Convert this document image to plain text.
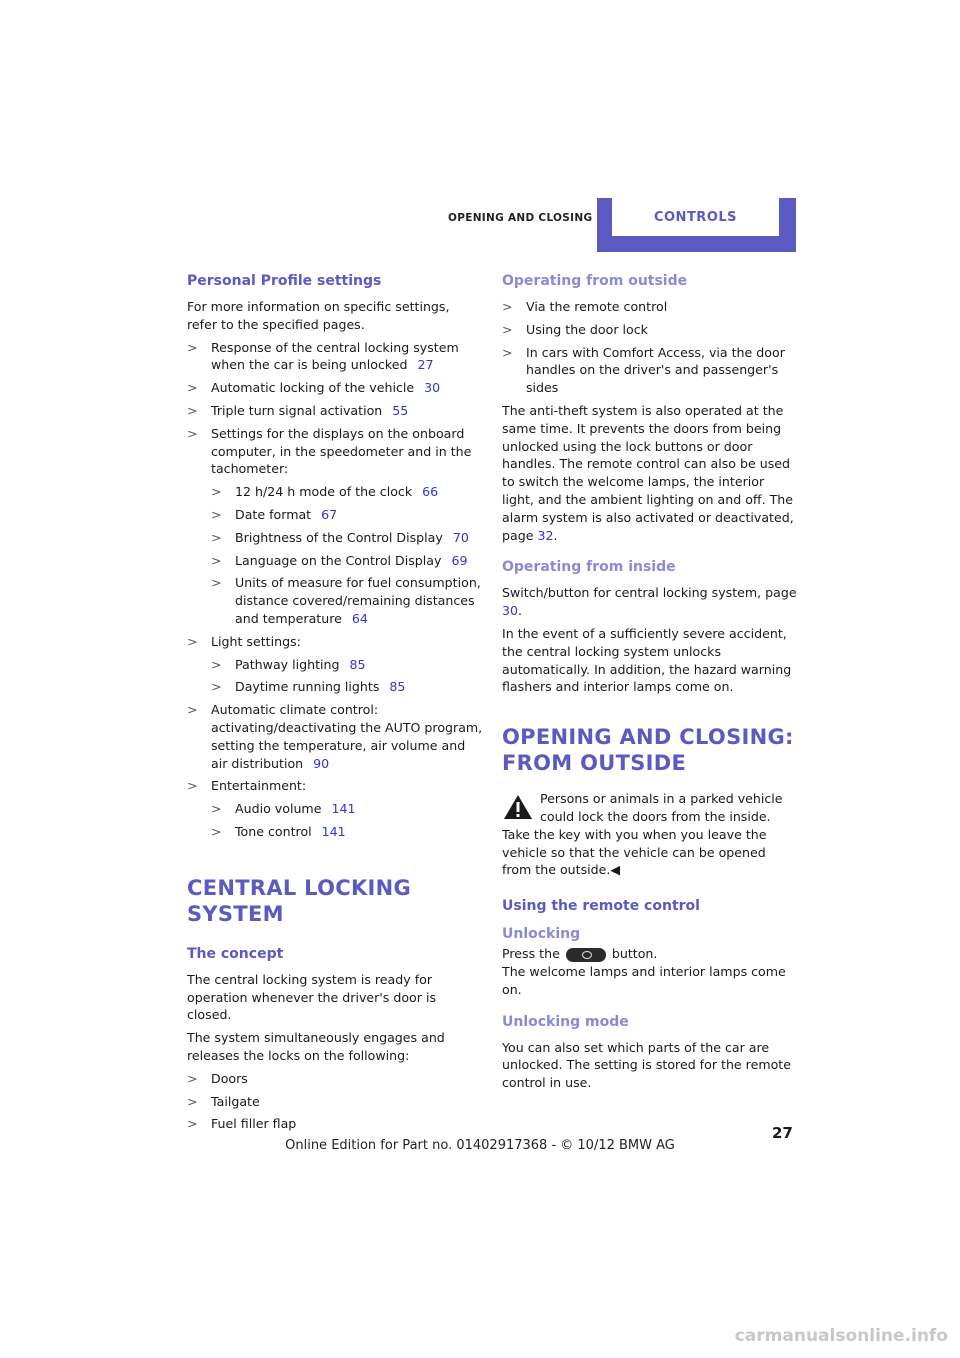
OPENING AND CLOSING	CONTROLS
Personal Profile settings

For more information on specific settings, refer to the specified pages.

> Response of the central locking system when the car is being unlocked 27
> Automatic locking of the vehicle 30
> Triple turn signal activation 55
> Settings for the displays on the onboard computer, in the speedometer and in the tachometer:
> 12 h/24 h mode of the clock 66
> Date format 67
> Brightness of the Control Display 70
> Language on the Control Display 69
> Units of measure for fuel consumption, distance covered/remaining distances and temperature 64
> Light settings:
> Pathway lighting 85
> Daytime running lights 85
> Automatic climate control: activating/deactivating the AUTO program, setting the temperature, air volume and air distribution 90
> Entertainment:
> Audio volume 141
> Tone control 141
CENTRAL LOCKING SYSTEM
The concept

The central locking system is ready for operation whenever the driver's door is closed.

The system simultaneously engages and releases the locks on the following:

> Doors
> Tailgate
> Fuel filler flap
Operating from outside
> Via the remote control
> Using the door lock
> In cars with Comfort Access, via the door handles on the driver's and passenger's sides

The anti-theft system is also operated at the same time. It prevents the doors from being unlocked using the lock buttons or door handles. The remote control can also be used to switch the welcome lamps, the interior light, and the ambient lighting on and off. The alarm system is also activated or deactivated, page 32.

Operating from inside

Switch/button for central locking system, page 30.

In the event of a sufficiently severe accident, the central locking system unlocks automatically. In addition, the hazard warning flashers and interior lamps come on.

OPENING AND CLOSING:
FROM OUTSIDE

Persons or animals in a parked vehicle could lock the doors from the inside. Take the key with you when you leave the vehicle so that the vehicle can be opened from the outside.◀

Using the remote control
Unlocking

Press the	button.

The welcome lamps and interior lamps come on.

Unlocking mode

You can also set which parts of the car are unlocked. The setting is stored for the remote control in use.

27
Online Edition for Part no. 01402917368 - © 10/12 BMW AG
carmanualsonline.info
